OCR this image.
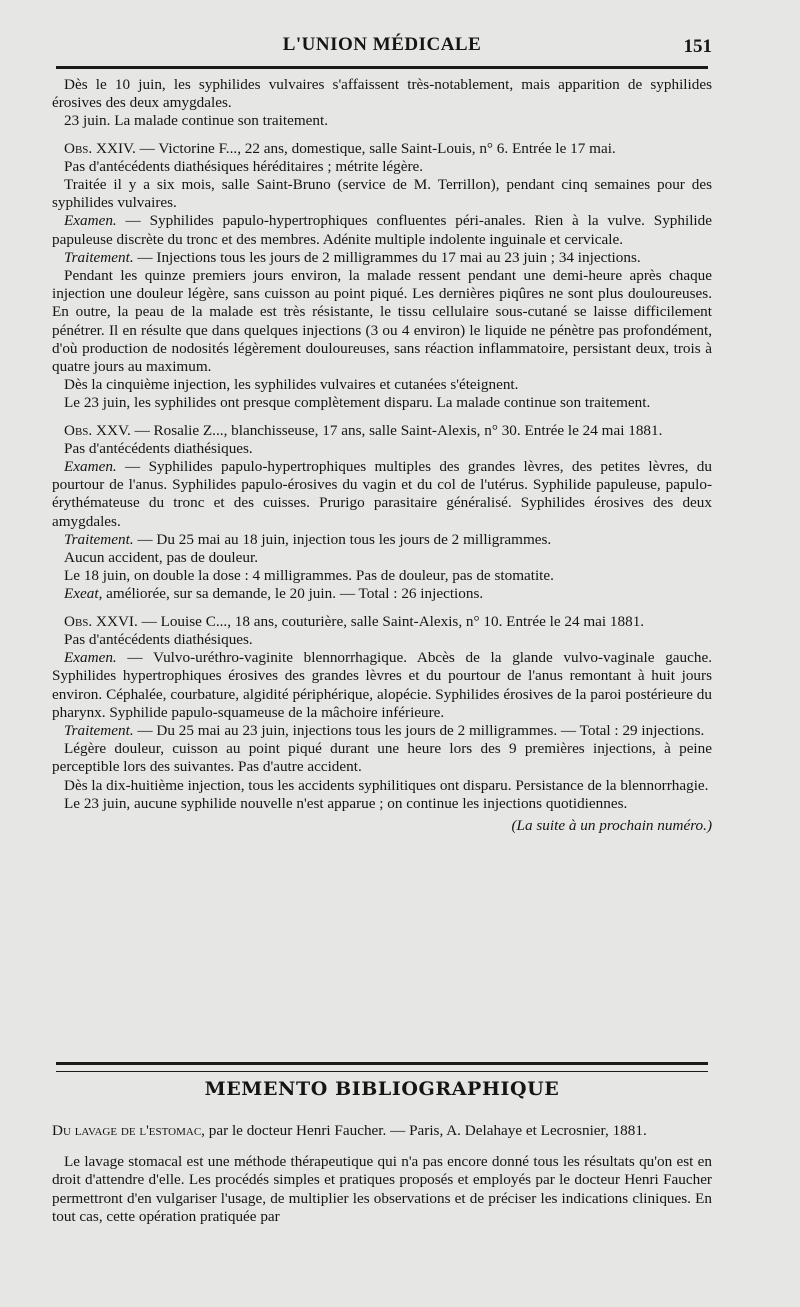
L'UNION MÉDICALE	151

Dès le 10 juin, les syphilides vulvaires s'affaissent très-notablement, mais apparition de syphilides érosives des deux amygdales.

23 juin. La malade continue son traitement.

Obs. XXIV. — Victorine F..., 22 ans, domestique, salle Saint-Louis, n° 6. Entrée le 17 mai.

Pas d'antécédents diathésiques héréditaires ; métrite légère.

Traitée il y a six mois, salle Saint-Bruno (service de M. Terrillon), pendant cinq semaines pour des syphilides vulvaires.

Examen. — Syphilides papulo-hypertrophiques confluentes péri-anales. Rien à la vulve. Syphilide papuleuse discrète du tronc et des membres. Adénite multiple indolente inguinale et cervicale.

Traitement. — Injections tous les jours de 2 milligrammes du 17 mai au 23 juin ; 34 injections.

Pendant les quinze premiers jours environ, la malade ressent pendant une demi-heure après chaque injection une douleur légère, sans cuisson au point piqué. Les dernières piqûres ne sont plus douloureuses. En outre, la peau de la malade est très résistante, le tissu cellulaire sous-cutané se laisse difficilement pénétrer. Il en résulte que dans quelques injections (3 ou 4 environ) le liquide ne pénètre pas profondément, d'où production de nodosités légèrement douloureuses, sans réaction inflammatoire, persistant deux, trois à quatre jours au maximum.

Dès la cinquième injection, les syphilides vulvaires et cutanées s'éteignent.

Le 23 juin, les syphilides ont presque complètement disparu. La malade continue son traitement.

Obs. XXV. — Rosalie Z..., blanchisseuse, 17 ans, salle Saint-Alexis, n° 30. Entrée le 24 mai 1881.

Pas d'antécédents diathésiques.

Examen. — Syphilides papulo-hypertrophiques multiples des grandes lèvres, des petites lèvres, du pourtour de l'anus. Syphilides papulo-érosives du vagin et du col de l'utérus. Syphilide papuleuse, papulo-érythémateuse du tronc et des cuisses. Prurigo parasitaire généralisé. Syphilides érosives des deux amygdales.

Traitement. — Du 25 mai au 18 juin, injection tous les jours de 2 milligrammes.

Aucun accident, pas de douleur.

Le 18 juin, on double la dose : 4 milligrammes. Pas de douleur, pas de stomatite.

Exeat, améliorée, sur sa demande, le 20 juin. — Total : 26 injections.

Obs. XXVI. — Louise C..., 18 ans, couturière, salle Saint-Alexis, n° 10. Entrée le 24 mai 1881.

Pas d'antécédents diathésiques.

Examen. — Vulvo-uréthro-vaginite blennorrhagique. Abcès de la glande vulvo-vaginale gauche. Syphilides hypertrophiques érosives des grandes lèvres et du pourtour de l'anus remontant à huit jours environ. Céphalée, courbature, algidité périphérique, alopécie. Syphilides érosives de la paroi postérieure du pharynx. Syphilide papulo-squameuse de la mâchoire inférieure.

Traitement. — Du 25 mai au 23 juin, injections tous les jours de 2 milligrammes. — Total : 29 injections.

Légère douleur, cuisson au point piqué durant une heure lors des 9 premières injections, à peine perceptible lors des suivantes. Pas d'autre accident.

Dès la dix-huitième injection, tous les accidents syphilitiques ont disparu. Persistance de la blennorrhagie.

Le 23 juin, aucune syphilide nouvelle n'est apparue ; on continue les injections quotidiennes.

(La suite à un prochain numéro.)

MEMENTO BIBLIOGRAPHIQUE

Du lavage de l'estomac, par le docteur Henri Faucher. — Paris, A. Delahaye et Lecrosnier, 1881.

Le lavage stomacal est une méthode thérapeutique qui n'a pas encore donné tous les résultats qu'on est en droit d'attendre d'elle. Les procédés simples et pratiques proposés et employés par le docteur Henri Faucher permettront d'en vulgariser l'usage, de multiplier les observations et de préciser les indications cliniques. En tout cas, cette opération pratiquée par
